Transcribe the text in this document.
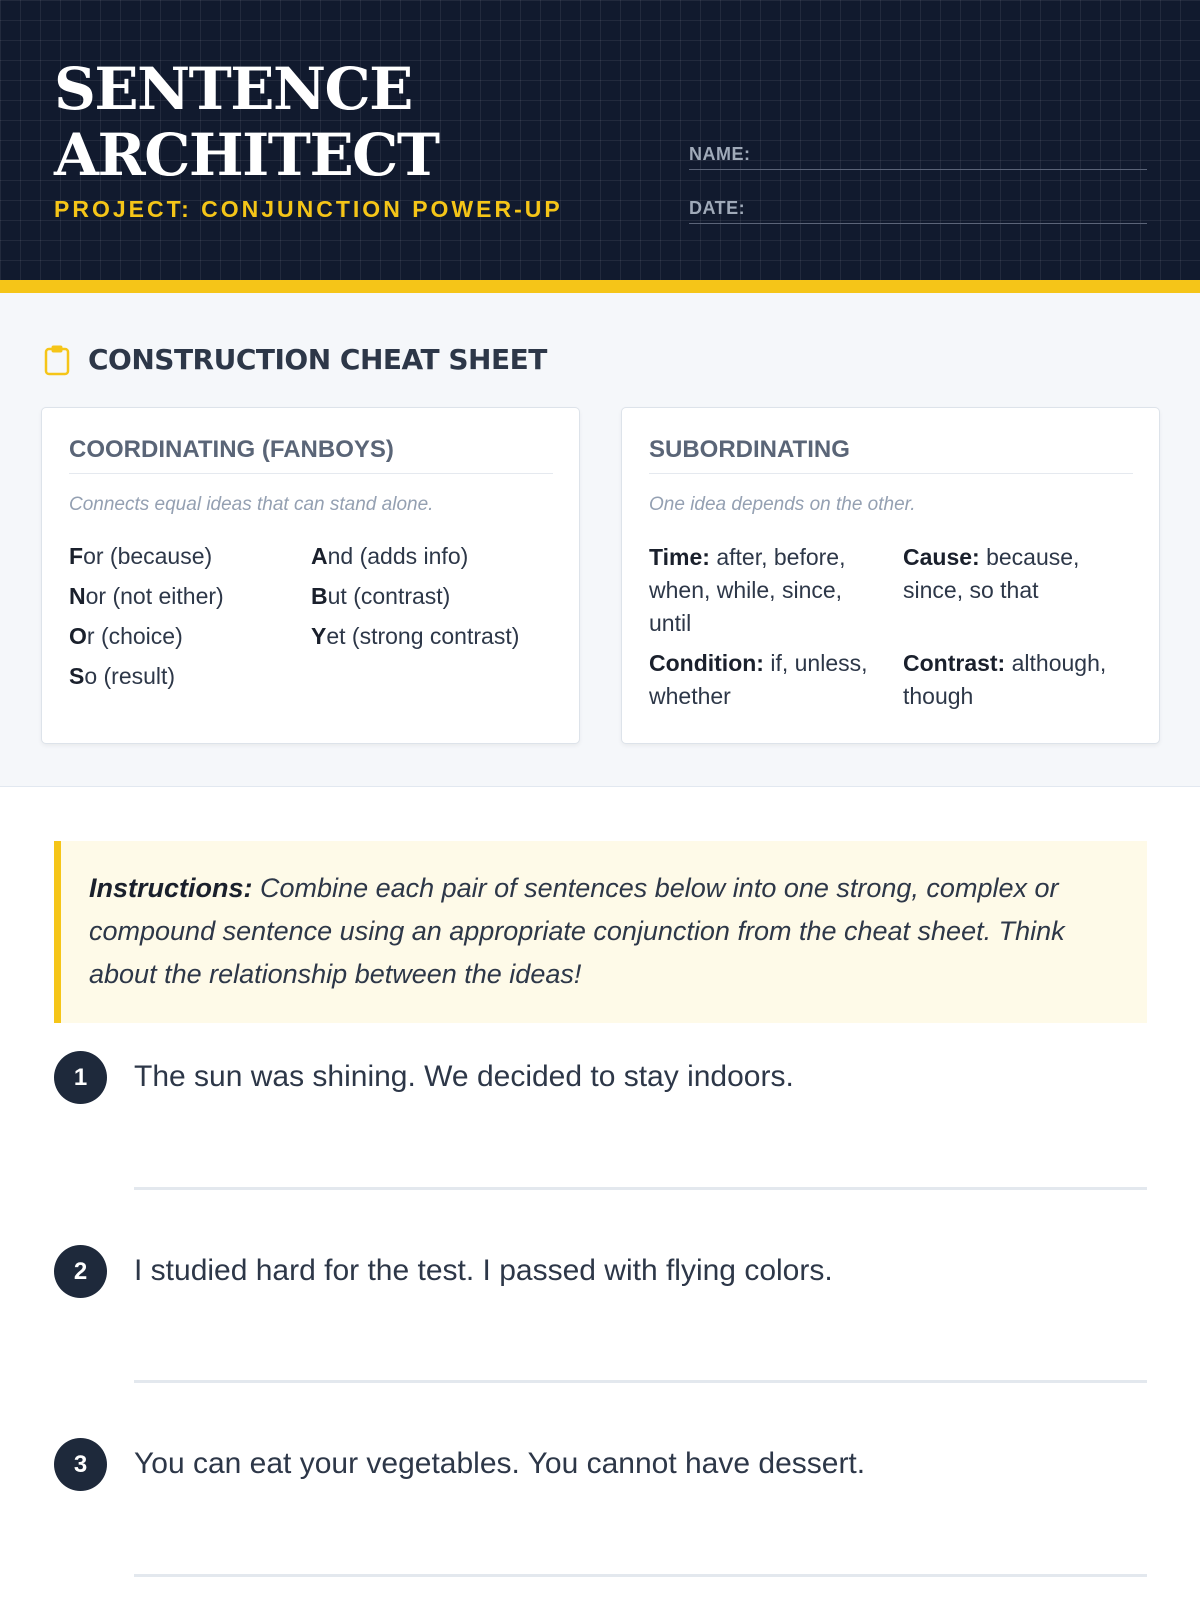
SENTENCE
ARCHITECT
PROJECT: CONJUNCTION POWER-UP
NAME:
DATE:
CONSTRUCTION CHEAT SHEET
COORDINATING (FANBOYS)
Connects equal ideas that can stand alone.
For (because)	And (adds info)
Nor (not either)	But (contrast)
Or (choice)	Yet (strong contrast)
So (result)
SUBORDINATING
One idea depends on the other.
Time: after, before, when, while, since, until
Cause: because, since, so that
Condition: if, unless, whether
Contrast: although, though
Instructions: Combine each pair of sentences below into one strong, complex or compound sentence using an appropriate conjunction from the cheat sheet. Think about the relationship between the ideas!
1	The sun was shining. We decided to stay indoors.
2	I studied hard for the test. I passed with flying colors.
3	You can eat your vegetables. You cannot have dessert.
